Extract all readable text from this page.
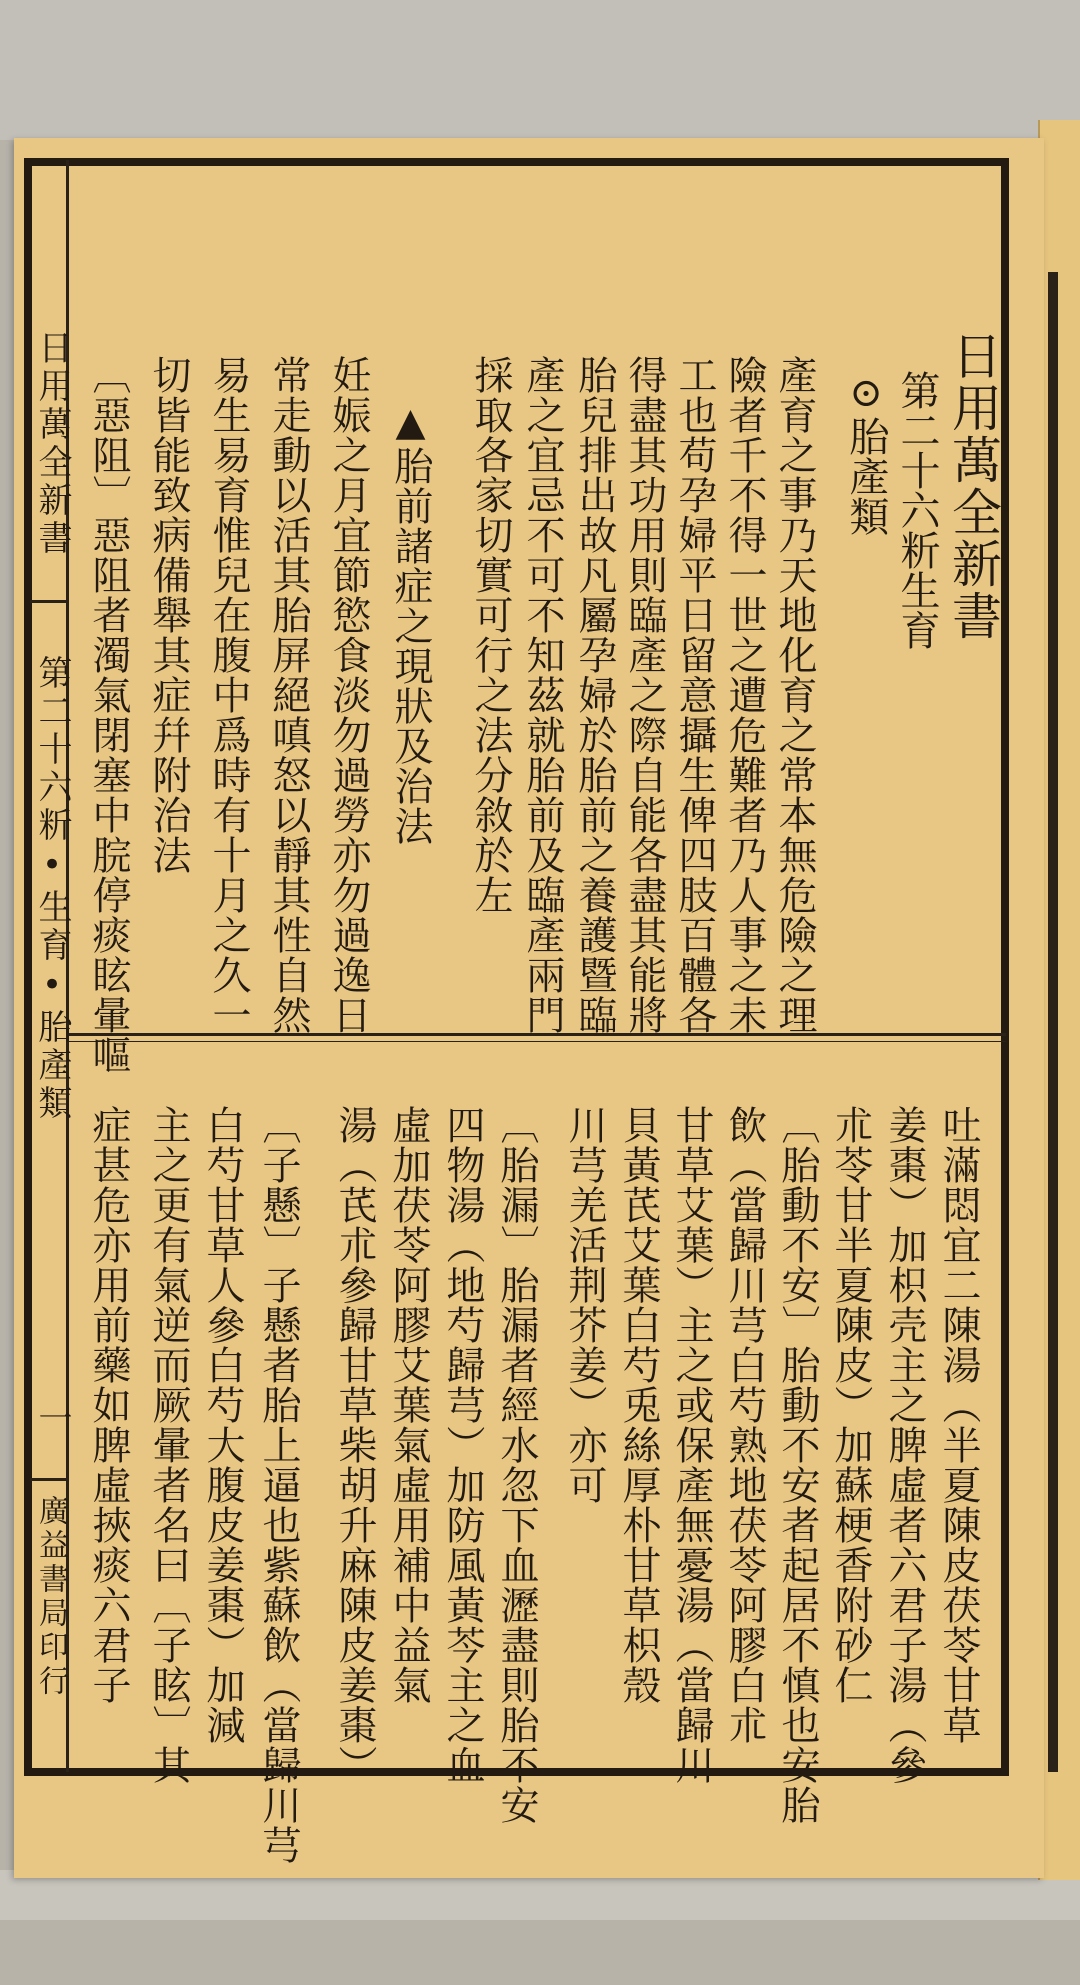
日用萬全新書
第二十六䉼生育
⊙胎產類
產育之事乃天地化育之常本無危險之理
險者千不得一世之遭危難者乃人事之未
工也苟孕婦平日留意攝生俾四肢百體各
得盡其功用則臨產之際自能各盡其能將
胎兒排出故凡屬孕婦於胎前之養護暨臨
產之宜忌不可不知茲就胎前及臨產兩門
採取各家切實可行之法分敘於左
▲胎前諸症之現狀及治法
妊娠之月宜節慾食淡勿過勞亦勿過逸日
常走動以活其胎屏絕嗔怒以靜其性自然
易生易育惟兒在腹中爲時有十月之久一
切皆能致病備舉其症幷附治法
〔惡阻〕惡阻者濁氣閉塞中脘停痰眩暈嘔
吐滿悶宜二陳湯（半夏陳皮茯苓甘草
姜棗）加枳壳主之脾虛者六君子湯（參
朮苓甘半夏陳皮）加蘇梗香附砂仁
〔胎動不安〕胎動不安者起居不慎也安胎
飲（當歸川芎白芍熟地茯苓阿膠白朮
甘草艾葉）主之或保產無憂湯（當歸川
貝黃芪艾葉白芍兎絲厚朴甘草枳殼
川芎羌活荆芥姜）亦可
〔胎漏〕胎漏者經水忽下血瀝盡則胎不安
四物湯（地芍歸芎）加防風黃芩主之血
虛加茯苓阿膠艾葉氣虛用補中益氣
湯（芪朮參歸甘草柴胡升麻陳皮姜棗）
〔子懸〕子懸者胎上逼也紫蘇飲（當歸川芎
白芍甘草人參白芍大腹皮姜棗）加減
主之更有氣逆而厥暈者名曰〔子眩〕其
症甚危亦用前藥如脾虛挾痰六君子
日用萬全新書
第二十六䉼•生育•胎產類
一
廣益書局印行
